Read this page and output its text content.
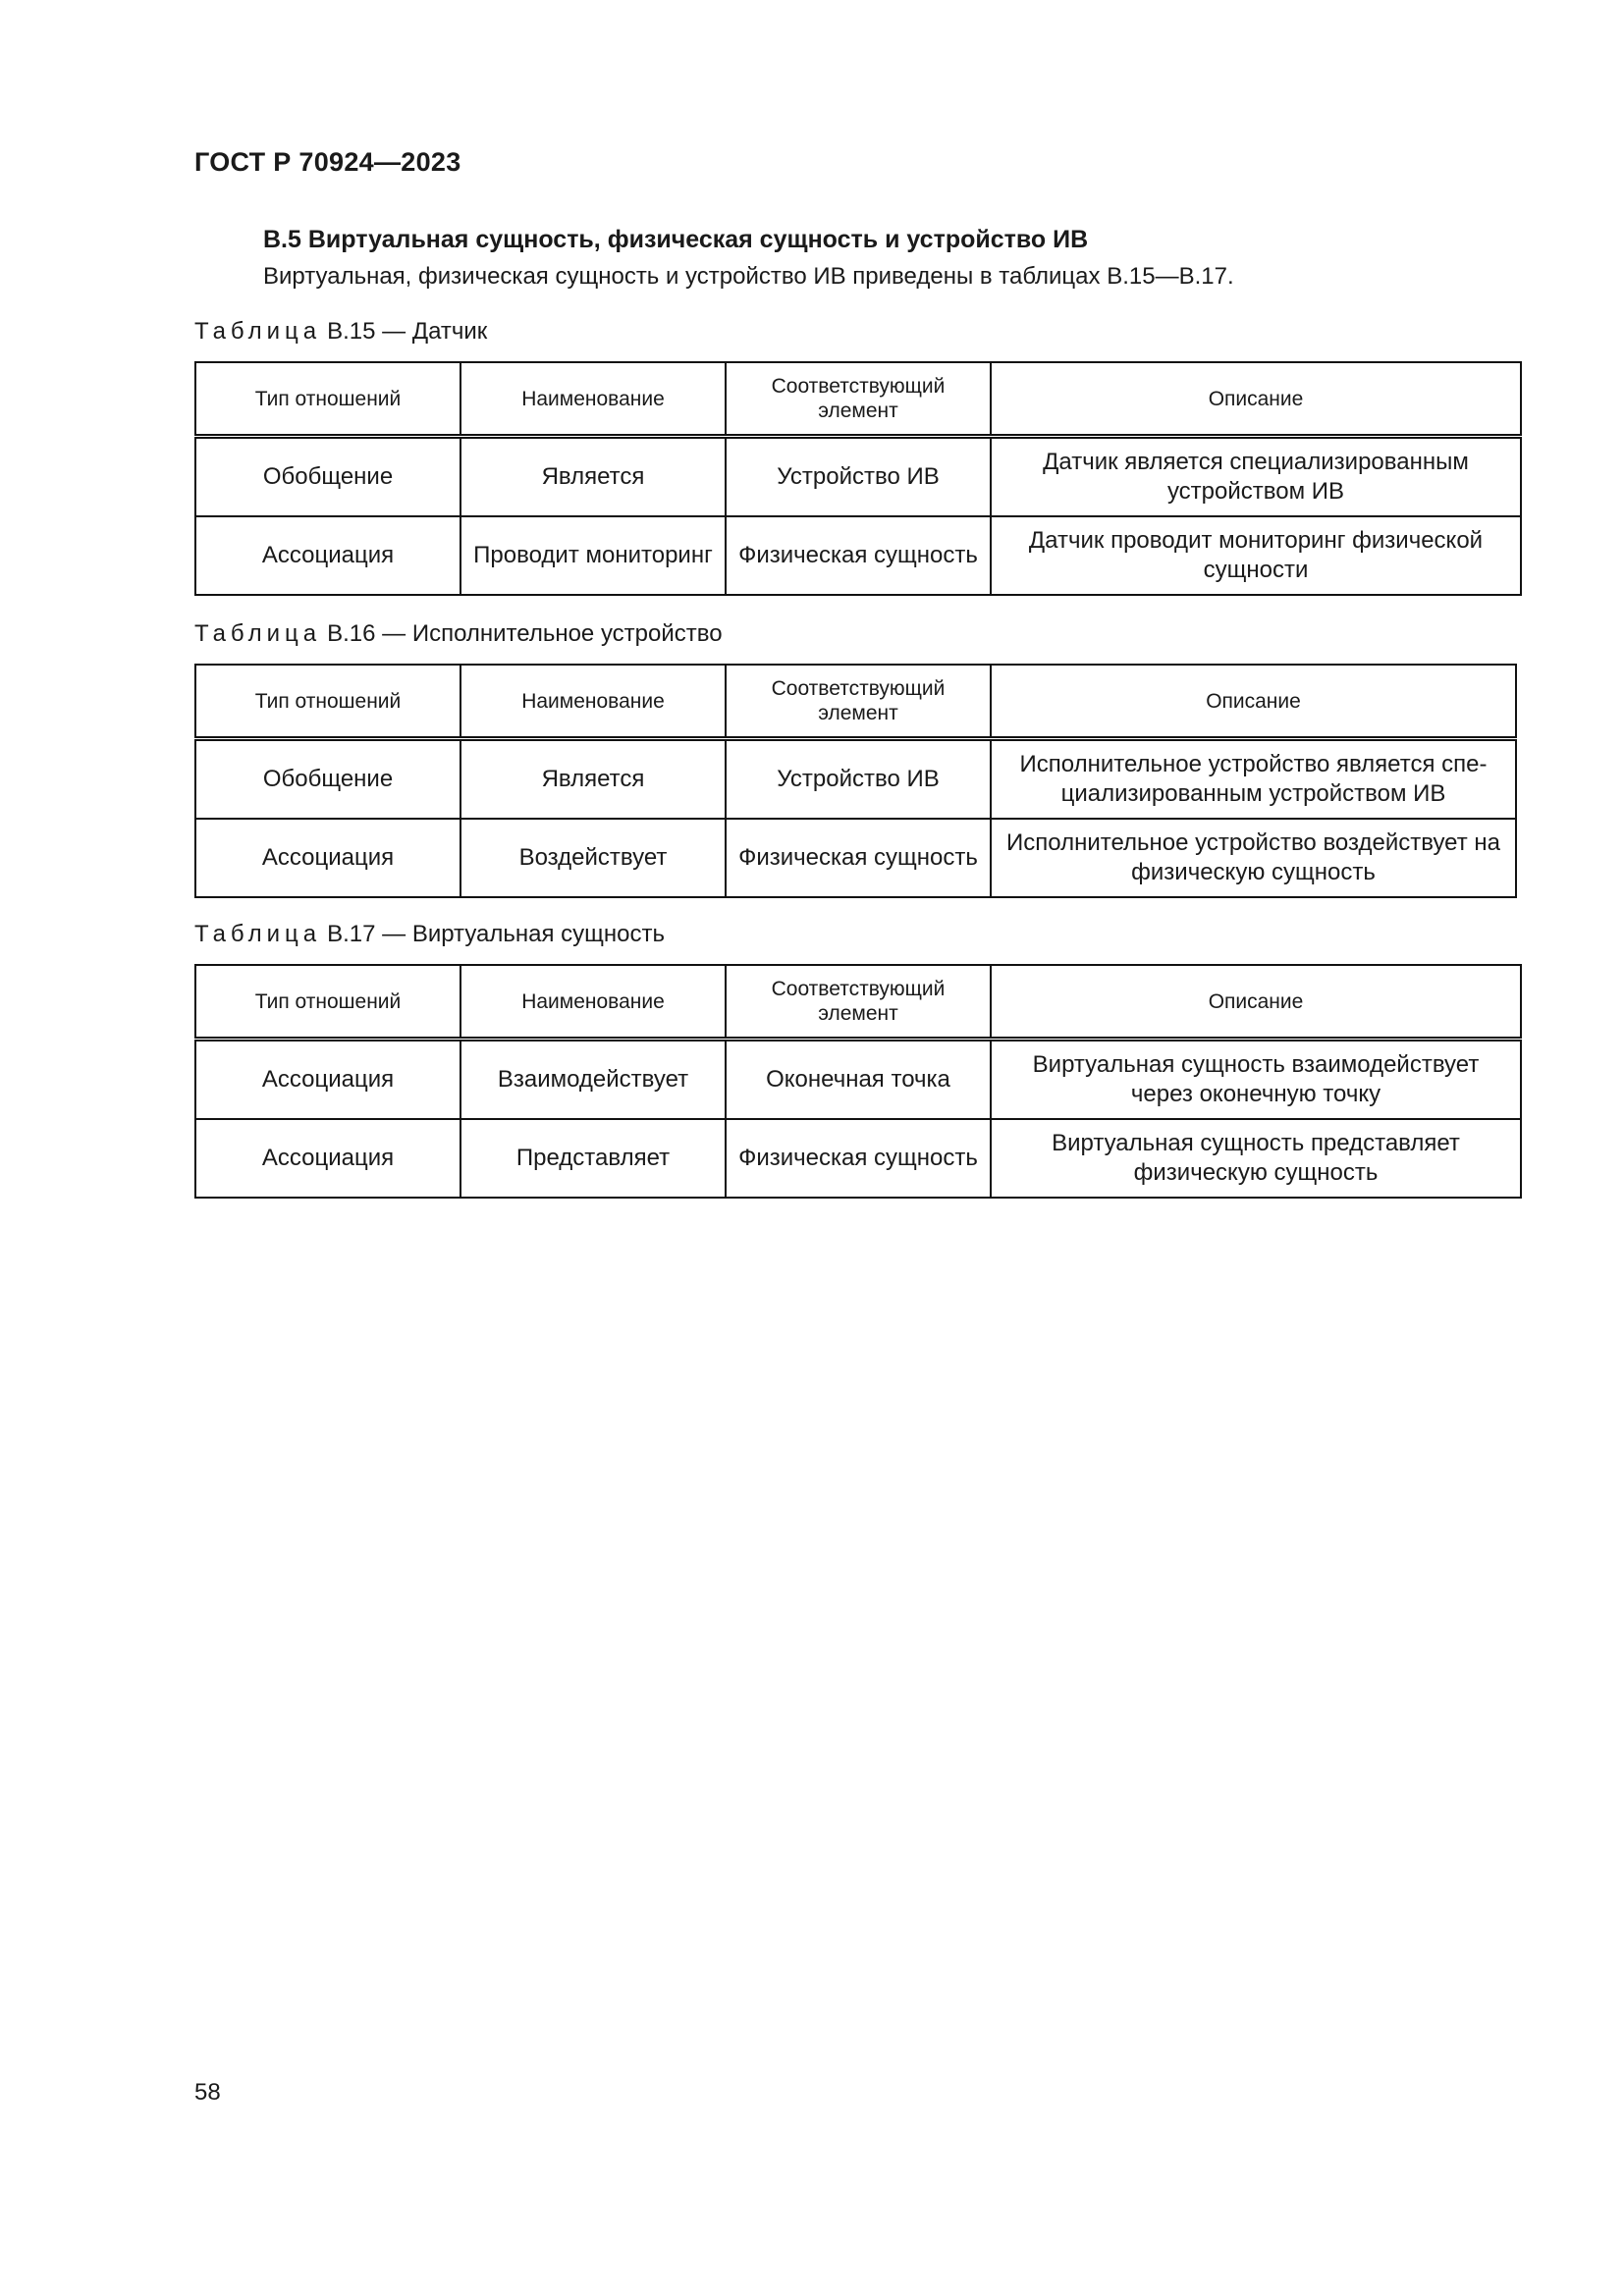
ГОСТ Р 70924—2023
В.5 Виртуальная сущность, физическая сущность и устройство ИВ
Виртуальная, физическая сущность и устройство ИВ приведены в таблицах В.15—В.17.
Таблица В.15 — Датчик
Тип отношений	Наименование	Соответствующий элемент	Описание
Обобщение	Является	Устройство ИВ	Датчик является специализированным устройством ИВ
Ассоциация	Проводит мониторинг	Физическая сущность	Датчик проводит мониторинг физической сущности
Таблица В.16 — Исполнительное устройство
Тип отношений	Наименование	Соответствующий элемент	Описание
Обобщение	Является	Устройство ИВ	Исполнительное устройство является спе-циализированным устройством ИВ
Ассоциация	Воздействует	Физическая сущность	Исполнительное устройство воздействует на физическую сущность
Таблица В.17 — Виртуальная сущность
Тип отношений	Наименование	Соответствующий элемент	Описание
Ассоциация	Взаимодействует	Оконечная точка	Виртуальная сущность взаимодействует через оконечную точку
Ассоциация	Представляет	Физическая сущность	Виртуальная сущность представляет физическую сущность
58
